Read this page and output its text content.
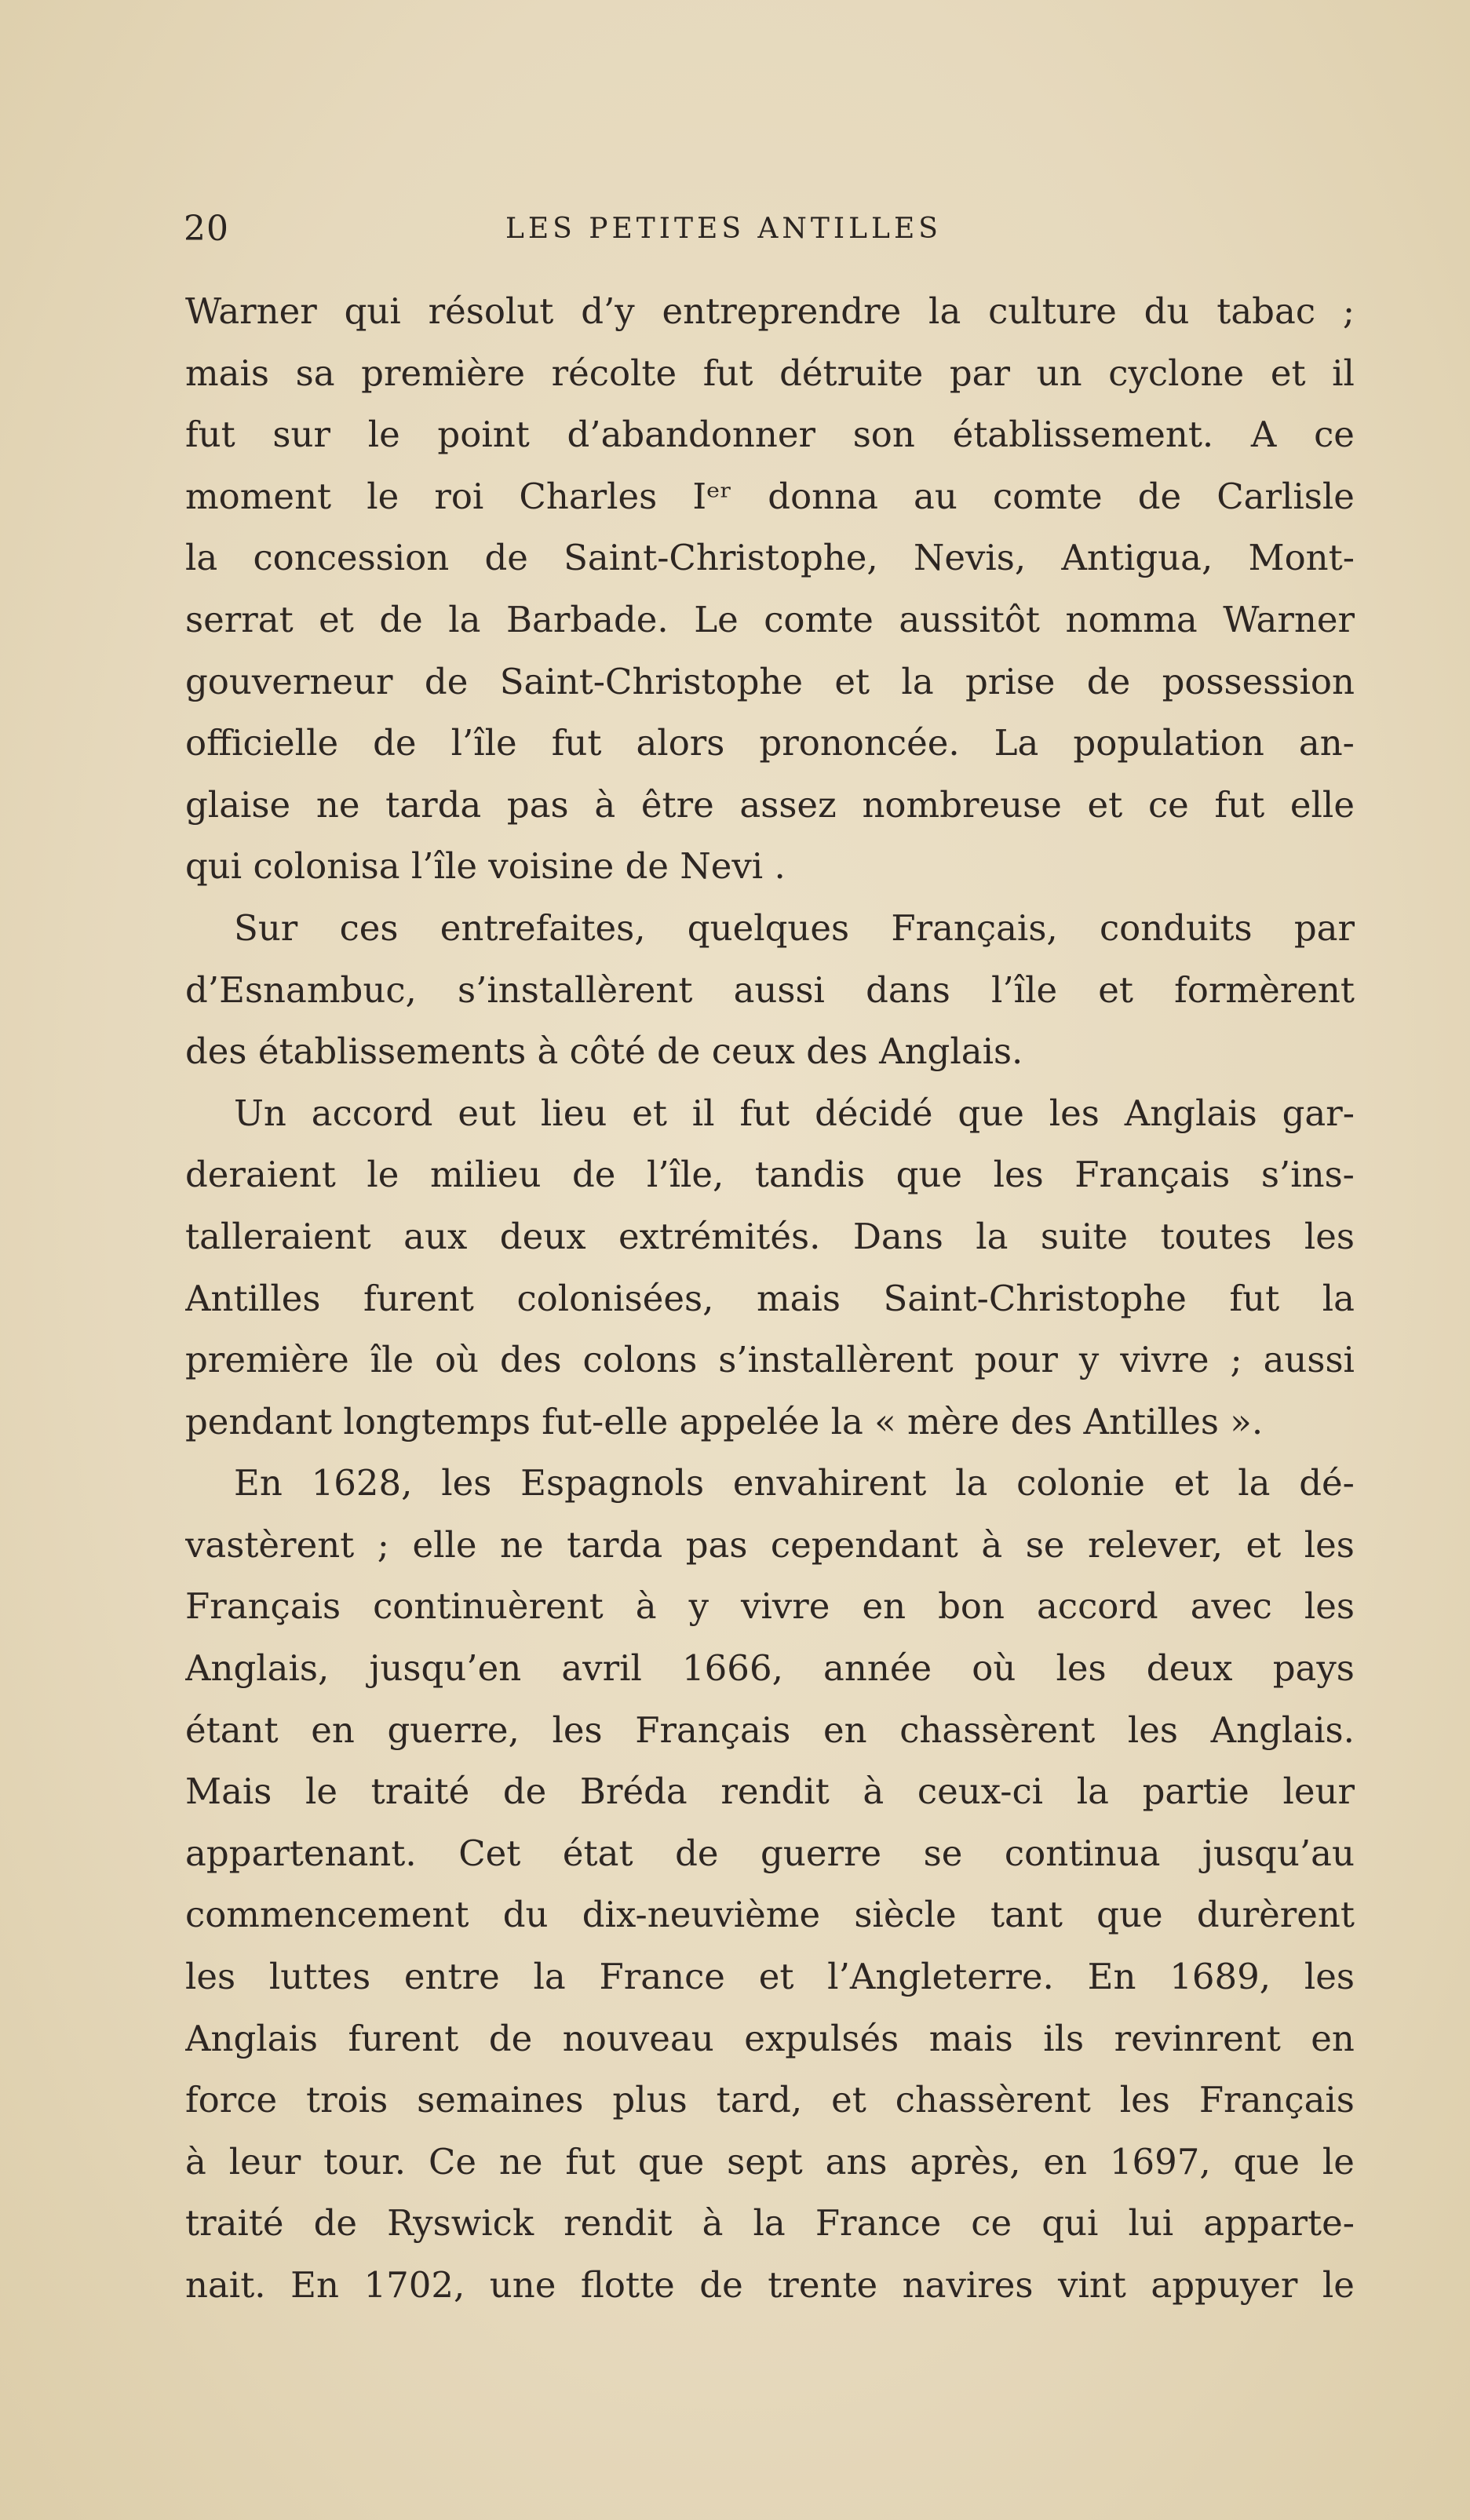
20	LES PETITES ANTILLES
Warner qui résolut d’y entreprendre la culture du tabac ;
mais sa première récolte fut détruite par un cyclone et il
fut sur le point d’abandonner son établissement. A ce
moment le roi Charles Iᵉʳ donna au comte de Carlisle
la concession de Saint-Christophe, Nevis, Antigua, Mont-
serrat et de la Barbade. Le comte aussitôt nomma Warner
gouverneur de Saint-Christophe et la prise de possession
officielle de l’île fut alors prononcée. La population an-
glaise ne tarda pas à être assez nombreuse et ce fut elle
qui colonisa l’île voisine de Nevi .
Sur ces entrefaites, quelques Français, conduits par
d’Esnambuc, s’installèrent aussi dans l’île et formèrent
des établissements à côté de ceux des Anglais.
Un accord eut lieu et il fut décidé que les Anglais gar-
deraient le milieu de l’île, tandis que les Français s’ins-
talleraient aux deux extrémités. Dans la suite toutes les
Antilles furent colonisées, mais Saint-Christophe fut la
première île où des colons s’installèrent pour y vivre ; aussi
pendant longtemps fut-elle appelée la « mère des Antilles ».
En 1628, les Espagnols envahirent la colonie et la dé-
vastèrent ; elle ne tarda pas cependant à se relever, et les
Français continuèrent à y vivre en bon accord avec les
Anglais, jusqu’en avril 1666, année où les deux pays
étant en guerre, les Français en chassèrent les Anglais.
Mais le traité de Bréda rendit à ceux-ci la partie leur
appartenant. Cet état de guerre se continua jusqu’au
commencement du dix-neuvième siècle tant que durèrent
les luttes entre la France et l’Angleterre. En 1689, les
Anglais furent de nouveau expulsés mais ils revinrent en
force trois semaines plus tard, et chassèrent les Français
à leur tour. Ce ne fut que sept ans après, en 1697, que le
traité de Ryswick rendit à la France ce qui lui apparte-
nait. En 1702, une flotte de trente navires vint appuyer le
